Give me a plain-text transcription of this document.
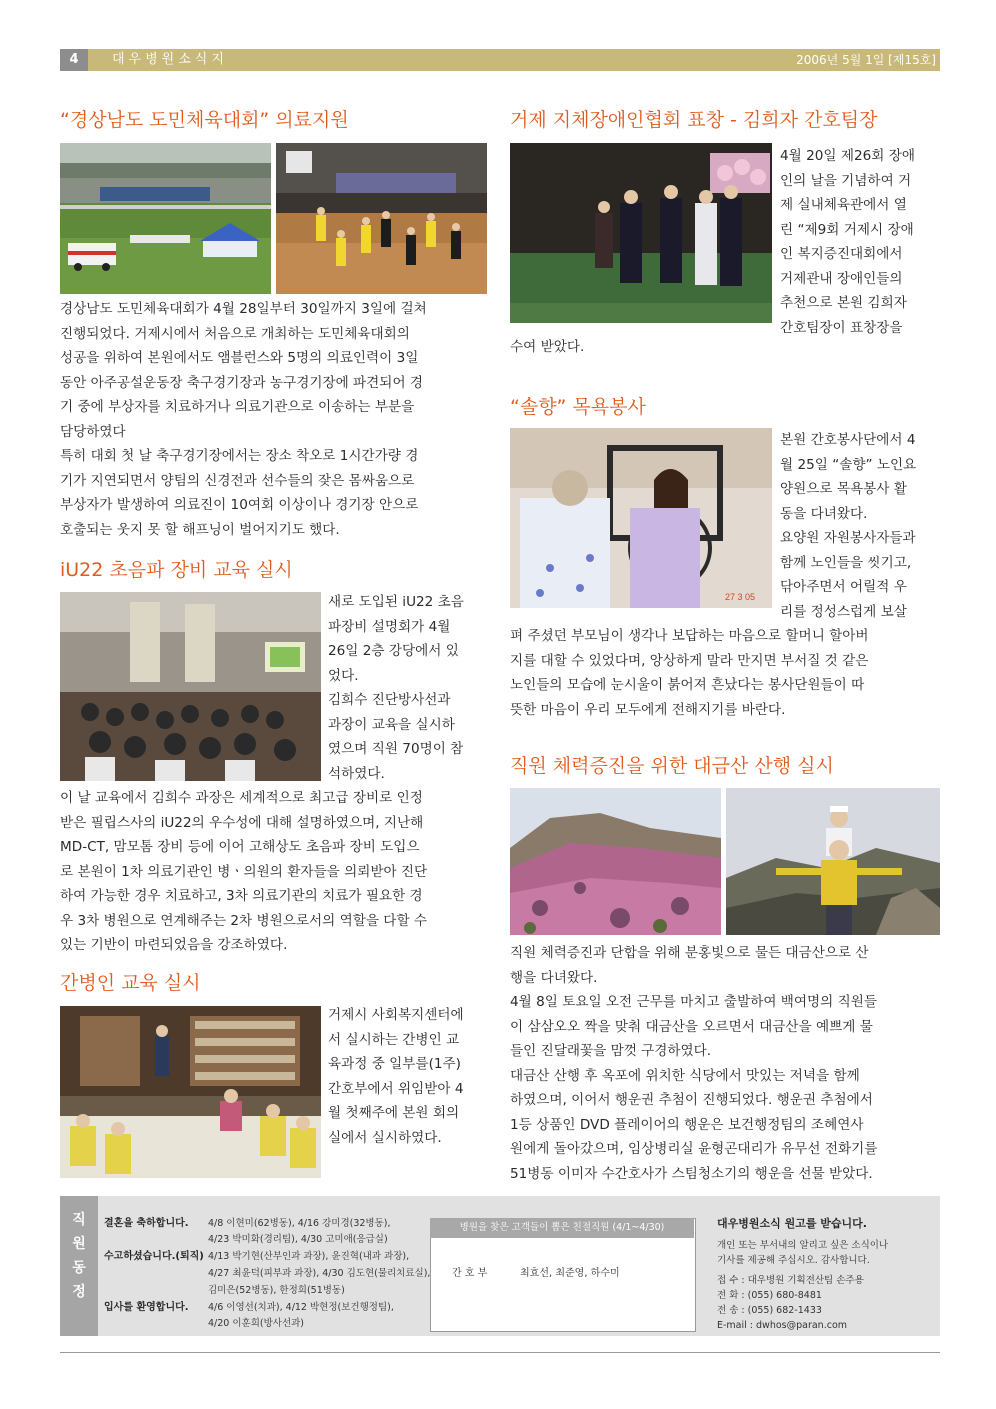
4	대우병원소식지	2006년 5월 1일 [제15호]
“경상남도 도민체육대회” 의료지원

경상남도 도민체육대회가 4월 28일부터 30일까지 3일에 걸쳐

진행되었다. 거제시에서 처음으로 개최하는 도민체육대회의

성공을 위하여 본원에서도 앰블런스와 5명의 의료인력이 3일

동안 아주공설운동장 축구경기장과 농구경기장에 파견되어 경

기 중에 부상자를 치료하거나 의료기관으로 이송하는 부분을

담당하였다

특히 대회 첫 날 축구경기장에서는 장소 착오로 1시간가량 경

기가 지연되면서 양팀의 신경전과 선수들의 잦은 몸싸움으로

부상자가 발생하여 의료진이 10여회 이상이나 경기장 안으로

호출되는 웃지 못 할 해프닝이 벌어지기도 했다.

iU22 초음파 장비 교육 실시

새로 도입된 iU22 초음

파장비 설명회가 4월

26일 2층 강당에서 있

었다.

김희수 진단방사선과

과장이 교육을 실시하

였으며 직원 70명이 참

석하였다.

이 날 교육에서 김희수 과장은 세계적으로 최고급 장비로 인정

받은 필립스사의 iU22의 우수성에 대해 설명하였으며, 지난해

MD-CT, 맘모톰 장비 등에 이어 고해상도 초음파 장비 도입으

로 본원이 1차 의료기관인 병ㆍ의원의 환자들을 의뢰받아 진단

하여 가능한 경우 치료하고, 3차 의료기관의 치료가 필요한 경

우 3차 병원으로 연계해주는 2차 병원으로서의 역할을 다할 수

있는 기반이 마련되었음을 강조하였다.

간병인 교육 실시

거제시 사회복지센터에

서 실시하는 간병인 교

육과정 중 일부를(1주)

간호부에서 위임받아 4

월 첫째주에 본원 회의

실에서 실시하였다.

거제 지체장애인협회 표창 - 김희자 간호팀장

4월 20일 제26회 장애

인의 날을 기념하여 거

제 실내체육관에서 열

린 “제9회 거제시 장애

인 복지증진대회에서

거제관내 장애인들의

추천으로 본원 김희자

간호팀장이 표창장을

수여 받았다.

“솔향” 목욕봉사
27 3 05

본원 간호봉사단에서 4

월 25일 “솔향” 노인요

양원으로 목욕봉사 활

동을 다녀왔다.

요양원 자원봉사자들과

함께 노인들을 씻기고,

닦아주면서 어릴적 우

리를 정성스럽게 보살

펴 주셨던 부모님이 생각나 보답하는 마음으로 할머니 할아버

지를 대할 수 있었다며, 앙상하게 말라 만지면 부서질 것 같은

노인들의 모습에 눈시울이 붉어져 흔났다는 봉사단원들이 따

뜻한 마음이 우리 모두에게 전해지기를 바란다.

직원 체력증진을 위한 대금산 산행 실시

직원 체력증진과 단합을 위해 분홍빛으로 물든 대금산으로 산

행을 다녀왔다.

4월 8일 토요일 오전 근무를 마치고 출발하여 백여명의 직원들

이 삼삼오오 짝을 맞춰 대금산을 오르면서 대금산을 예쁘게 물

들인 진달래꽃을 맘껏 구경하였다.

대금산 산행 후 옥포에 위치한 식당에서 맛있는 저녁을 함께

하였으며, 이어서 행운권 추첨이 진행되었다. 행운권 추첨에서

1등 상품인 DVD 플레이어의 행운은 보건행정팀의 조혜연사

원에게 돌아갔으며, 임상병리실 윤형곤대리가 유무선 전화기를

51병동 이미자 수간호사가 스팀청소기의 행운을 선물 받았다.

직
원
동
정
결혼을 축하합니다. 4/8 이현미(62병동), 4/16 강미경(32병동),
4/23 박미화(경리팀), 4/30 고미애(응급실)
수고하셨습니다.(퇴직) 4/13 박기현(산부인과 과장), 윤진혁(내과 과장),
4/27 최윤덕(피부과 과장), 4/30 김도현(물리치료실),
김미은(52병동), 한정희(51병동)
입사를 환영합니다. 4/6 이영선(치과), 4/12 박현정(보건행정팀),
4/20 이훈희(방사선과)
병원을 찾은 고객들이 뽑은 친절직원 (4/1~4/30)
간 호 부	최효선, 최준영, 하수미
대우병원소식 원고를 받습니다.
개인 또는 부서내의 알리고 싶은 소식이나
기사를 제공해 주십시오. 감사합니다.
접 수 : 대우병원 기획전산팀 손주용
전 화 : (055) 680-8481
전 송 : (055) 682-1433
E-mail : dwhos@paran.com
